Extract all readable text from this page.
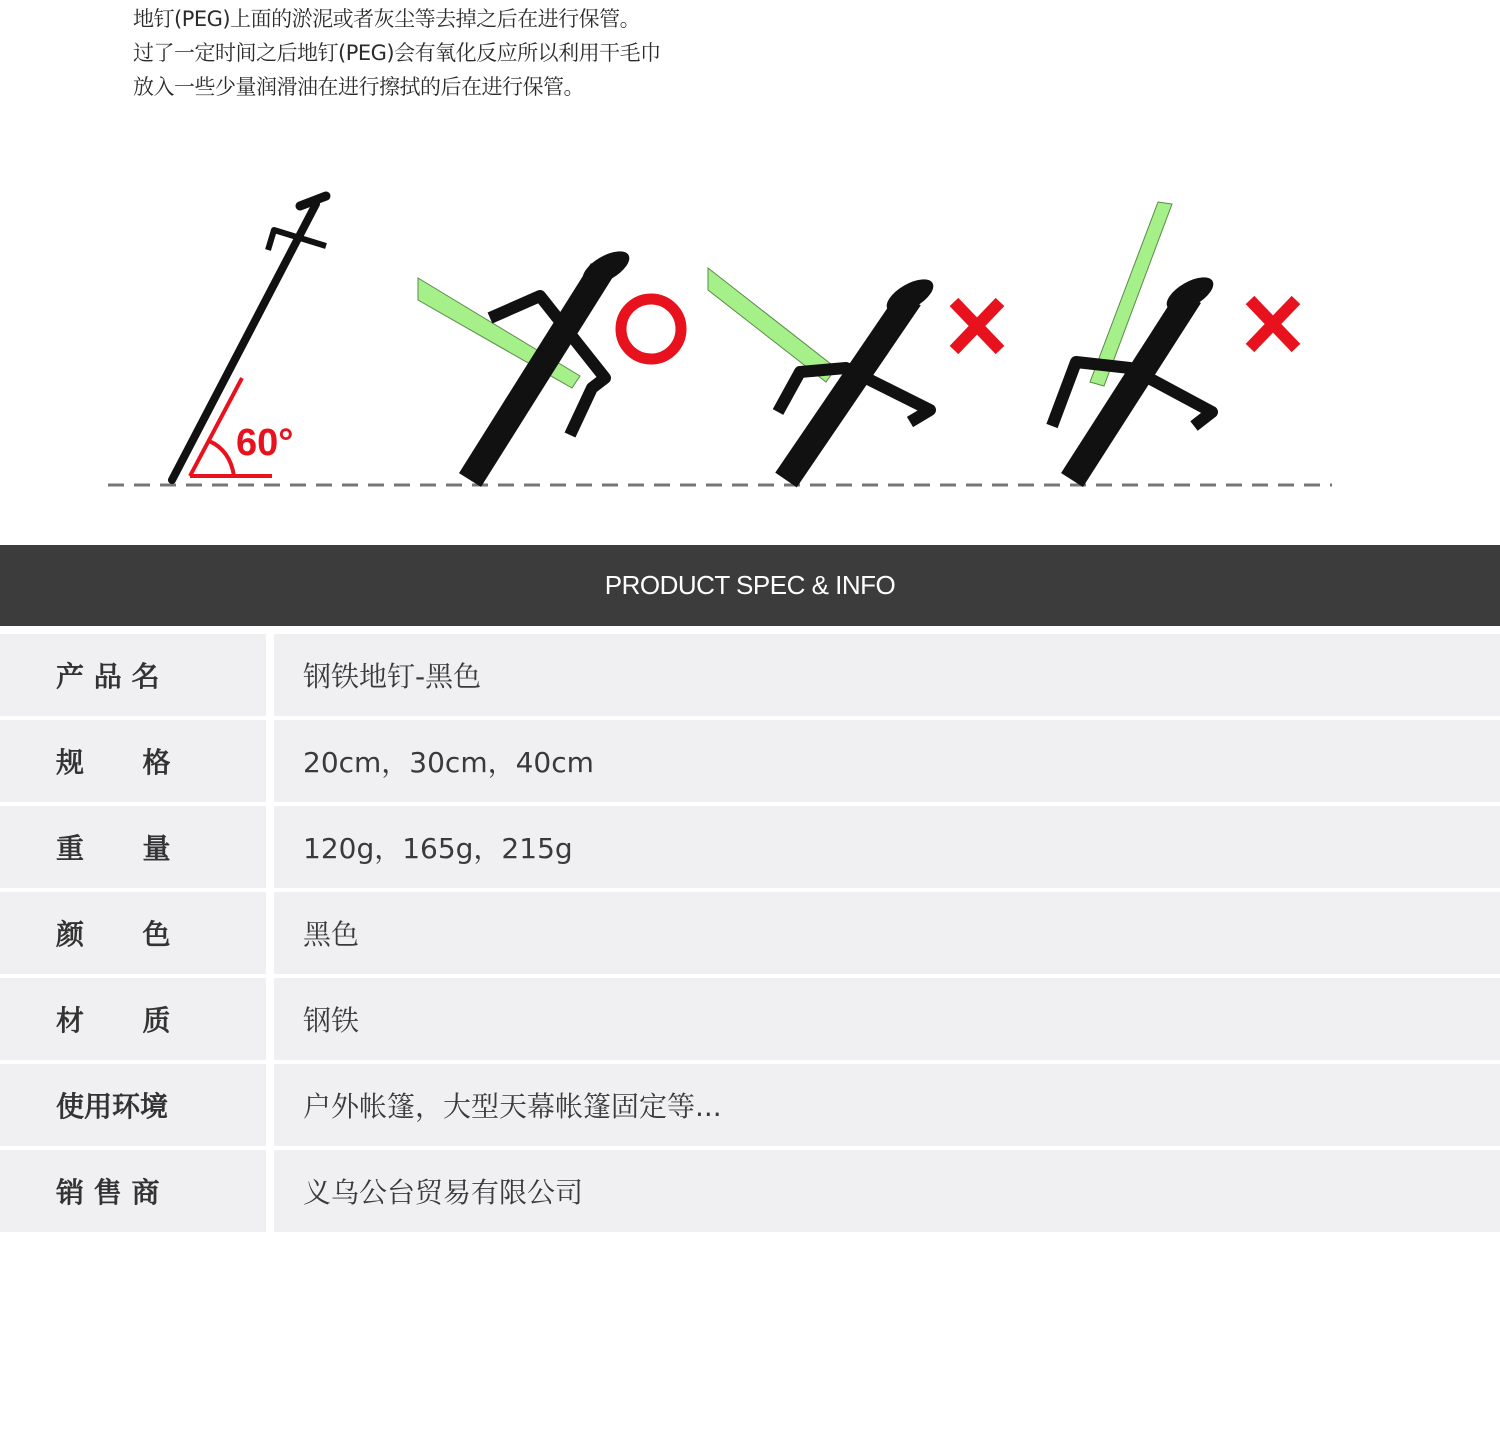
地钉(PEG)上面的淤泥或者灰尘等去掉之后在进行保管。
过了一定时间之后地钉(PEG)会有氧化反应所以利用干毛巾
放入一些少量润滑油在进行擦拭的后在进行保管。
60°
PRODUCT SPEC & INFO
产 品 名	钢铁地钉-黑色
规      格	20cm，30cm，40cm
重      量	120g，165g，215g
颜      色	黑色
材      质	钢铁
使用环境	户外帐篷，大型天幕帐篷固定等...
销 售 商	义乌公台贸易有限公司
